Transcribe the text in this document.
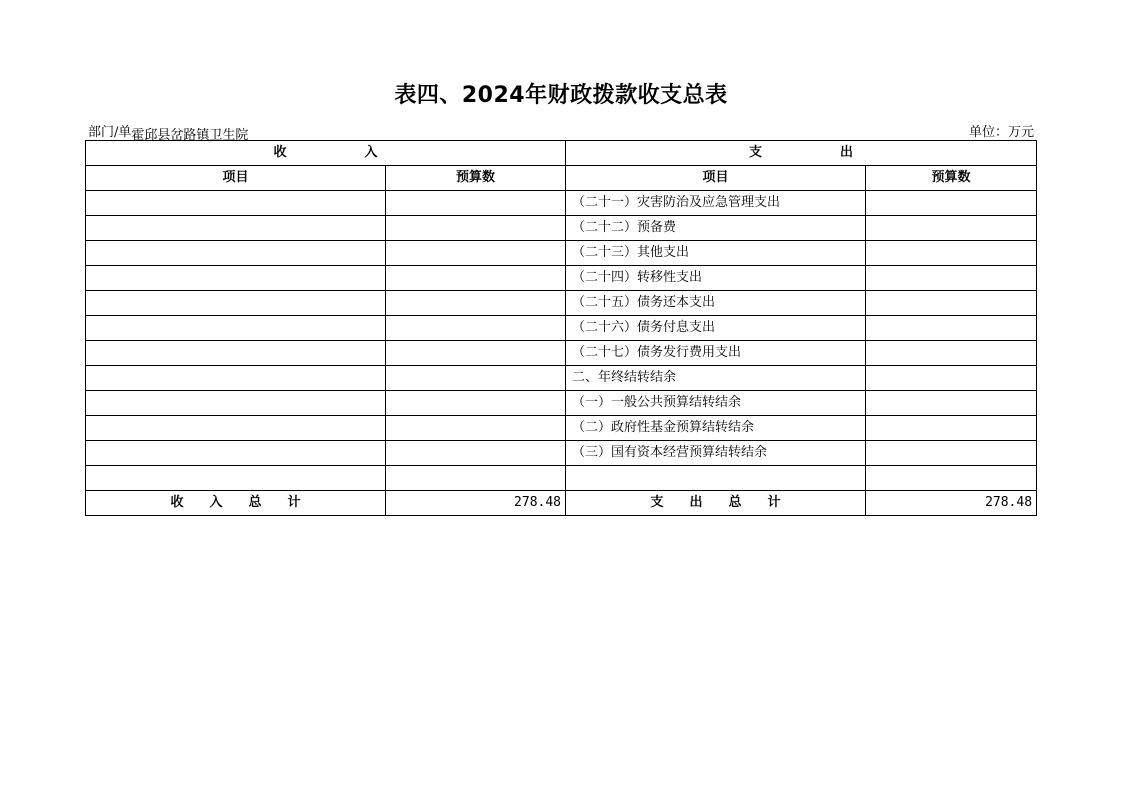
表四、2024年财政拨款收支总表
部门/单霍邱县岔路镇卫生院	单位：万元
收　　　　　　入		支　　　　　　出	
项目	预算数	项目	预算数
		（二十一）灾害防治及应急管理支出	
		（二十二）预备费	
		（二十三）其他支出	
		（二十四）转移性支出	
		（二十五）债务还本支出	
		（二十六）债务付息支出	
		（二十七）债务发行费用支出	
		二、年终结转结余	
		（一）一般公共预算结转结余	
		（二）政府性基金预算结转结余	
		（三）国有资本经营预算结转结余	

收　　入　　总　　计	278.48	支　　出　　总　　计	278.48
